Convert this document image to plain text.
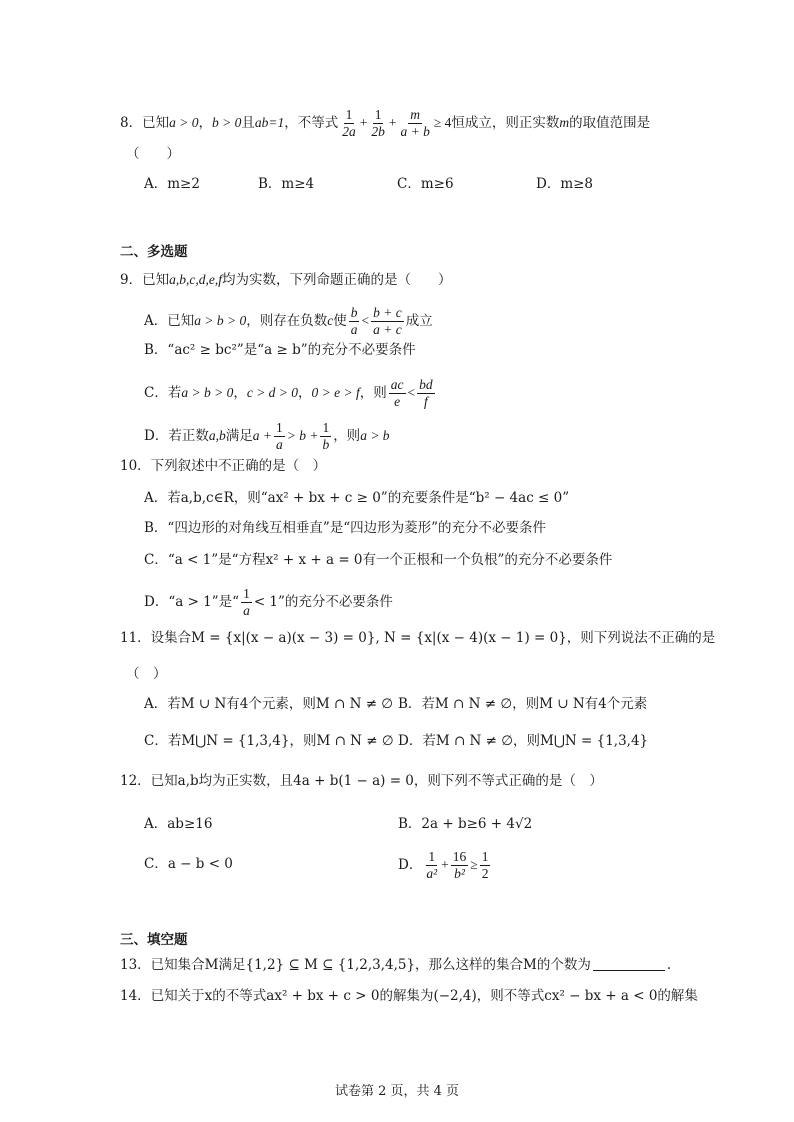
8．已知a > 0，b > 0且ab=1，不等式 $\frac{1}{2a} + \frac{1}{2b} + \frac{m}{a + b} \ge 4$恒成立，则正实数m的取值范围是
（　　）
A．m≥2	B．m≥4	C．m≥6	D．m≥8
二、多选题
9．已知a,b,c,d,e,f均为实数，下列命题正确的是（　　）
A．已知a > b > 0，则存在负数c使 $\frac{b}{a} < \frac{b + c}{a + c}$ 成立
B．“ac² ≥ bc²”是“a ≥ b”的充分不必要条件
C．若a > b > 0，c > d > 0，0 > e > f，则 $\frac{ac}{e} < \frac{bd}{f}$
D．若正数a,b满足$a + \frac{1}{a} > b + \frac{1}{b}$ ，则a > b
10．下列叙述中不正确的是（　）
A．若a,b,c∈R，则“ax² + bx + c ≥ 0”的充要条件是“b² − 4ac ≤ 0”
B．“四边形的对角线互相垂直”是“四边形为菱形”的充分不必要条件
C．“a < 1”是“方程x² + x + a = 0有一个正根和一个负根”的充分不必要条件
D．“a > 1”是“ $\frac{1}{a} < 1$”的充分不必要条件
11．设集合M = {x|(x − a)(x − 3) = 0}, N = {x|(x − 4)(x − 1) = 0}，则下列说法不正确的是
（　）
A．若M ∪ N有4个元素，则M ∩ N ≠ ∅ B．若M ∩ N ≠ ∅，则M ∪ N有4个元素
C．若M⋃N = {1,3,4}，则M ∩ N ≠ ∅ D．若M ∩ N ≠ ∅，则M⋃N = {1,3,4}
12．已知a,b均为正实数，且4a + b(1 − a) = 0，则下列不等式正确的是（　）
A．ab≥16	B．2a + b≥6 + 4√2
C．a − b < 0	D． $\frac{1}{\text{a²}} + \frac{16}{\text{b²}} \ge \frac{1}{2}$
三、填空题
13．已知集合M满足{1,2} ⊆ M ⊆ {1,2,3,4,5}，那么这样的集合M的个数为	.
14．已知关于x的不等式ax² + bx + c > 0的解集为(−2,4)，则不等式cx² − bx + a < 0的解集
试卷第 2 页，共 4 页
